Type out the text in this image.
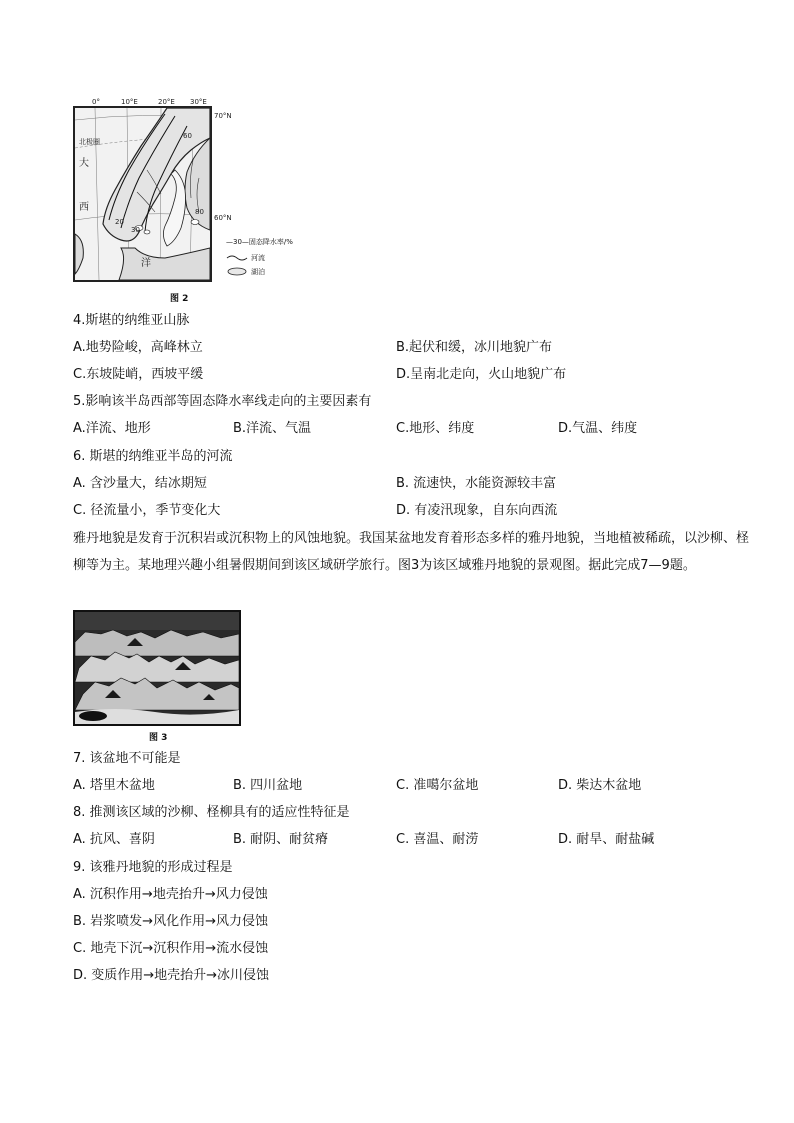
0°	10°E	20°E 30°E
70°N
60°N
北极圈
大
西
洋
60
80
30
20
—30—固态降水率/%
河流
湖泊
图 2
4.斯堪的纳维亚山脉
A.地势险峻，高峰林立	B.起伏和缓，冰川地貌广布
C.东坡陡峭，西坡平缓	D.呈南北走向，火山地貌广布
5.影响该半岛西部等固态降水率线走向的主要因素有
A.洋流、地形	B.洋流、气温	C.地形、纬度	D.气温、纬度
6. 斯堪的纳维亚半岛的河流
A. 含沙量大，结冰期短	B. 流速快，水能资源较丰富
C. 径流量小，季节变化大	D. 有凌汛现象，自东向西流
雅丹地貌是发育于沉积岩或沉积物上的风蚀地貌。我国某盆地发育着形态多样的雅丹地貌，当地植被稀疏，以沙柳、柽柳等为主。某地理兴趣小组暑假期间到该区域研学旅行。图3为该区域雅丹地貌的景观图。据此完成7—9题。
图 3
7. 该盆地不可能是
A. 塔里木盆地	B. 四川盆地	C. 准噶尔盆地	D. 柴达木盆地
8. 推测该区域的沙柳、柽柳具有的适应性特征是
A. 抗风、喜阴	B. 耐阴、耐贫瘠	C. 喜温、耐涝	D. 耐旱、耐盐碱
9. 该雅丹地貌的形成过程是
A. 沉积作用→地壳抬升→风力侵蚀
B. 岩浆喷发→风化作用→风力侵蚀
C. 地壳下沉→沉积作用→流水侵蚀
D. 变质作用→地壳抬升→冰川侵蚀
